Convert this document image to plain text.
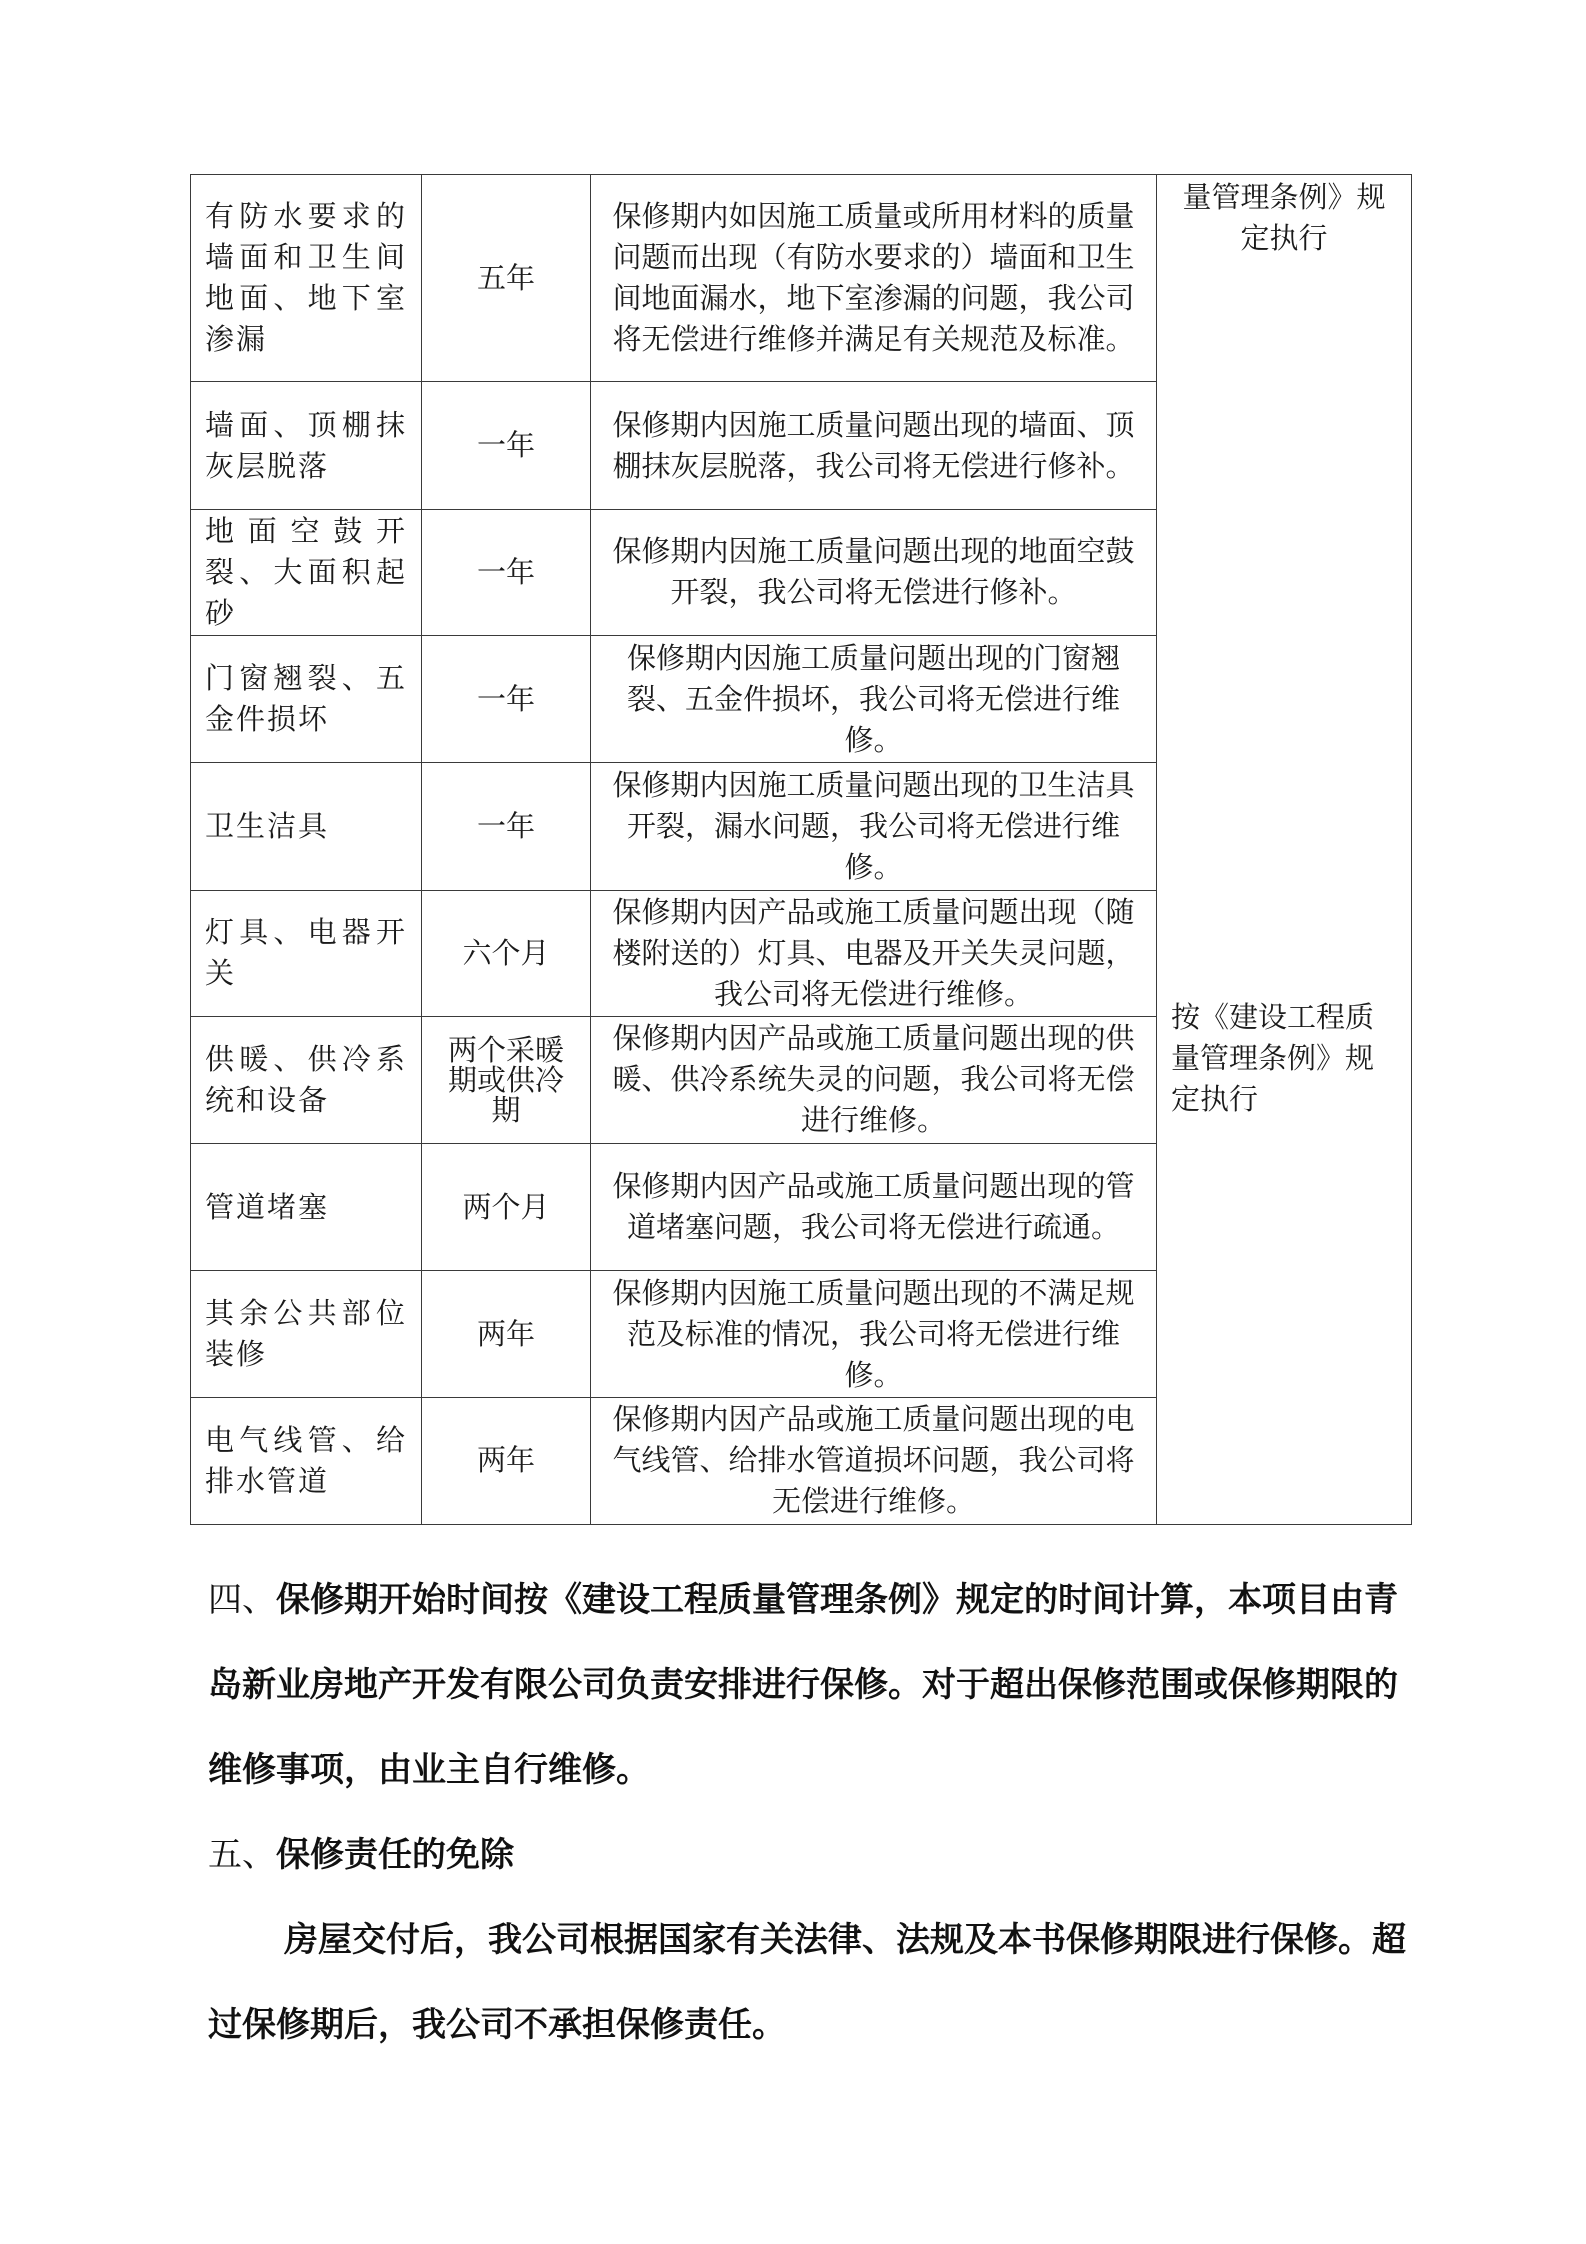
有防水要求的墙面和卫生间地面、地下室渗漏	五年	保修期内如因施工质量或所用材料的质量问题而出现（有防水要求的）墙面和卫生间地面漏水，地下室渗漏的问题，我公司将无偿进行维修并满足有关规范及标准。	量管理条例》规定执行
按《建设工程质量管理条例》规定执行

墙面、顶棚抹灰层脱落	一年	保修期内因施工质量问题出现的墙面、顶棚抹灰层脱落，我公司将无偿进行修补。	
地面空鼓开裂、大面积起砂	一年	保修期内因施工质量问题出现的地面空鼓开裂，我公司将无偿进行修补。	
门窗翘裂、五金件损坏	一年	保修期内因施工质量问题出现的门窗翘裂、五金件损坏，我公司将无偿进行维修。	
卫生洁具	一年	保修期内因施工质量问题出现的卫生洁具开裂，漏水问题，我公司将无偿进行维修。	
灯具、电器开关	六个月	保修期内因产品或施工质量问题出现（随楼附送的）灯具、电器及开关失灵问题，我公司将无偿进行维修。	
供暖、供冷系统和设备	两个采暖期或供冷期	保修期内因产品或施工质量问题出现的供暖、供冷系统失灵的问题，我公司将无偿进行维修。	
管道堵塞	两个月	保修期内因产品或施工质量问题出现的管道堵塞问题，我公司将无偿进行疏通。	
其余公共部位装修	两年	保修期内因施工质量问题出现的不满足规范及标准的情况，我公司将无偿进行维修。	
电气线管、给排水管道	两年	保修期内因产品或施工质量问题出现的电气线管、给排水管道损坏问题，我公司将无偿进行维修。	

四、保修期开始时间按《建设工程质量管理条例》规定的时间计算，本项目由青岛新业房地产开发有限公司负责安排进行保修。对于超出保修范围或保修期限的维修事项，由业主自行维修。

五、保修责任的免除

房屋交付后，我公司根据国家有关法律、法规及本书保修期限进行保修。超过保修期后，我公司不承担保修责任。
